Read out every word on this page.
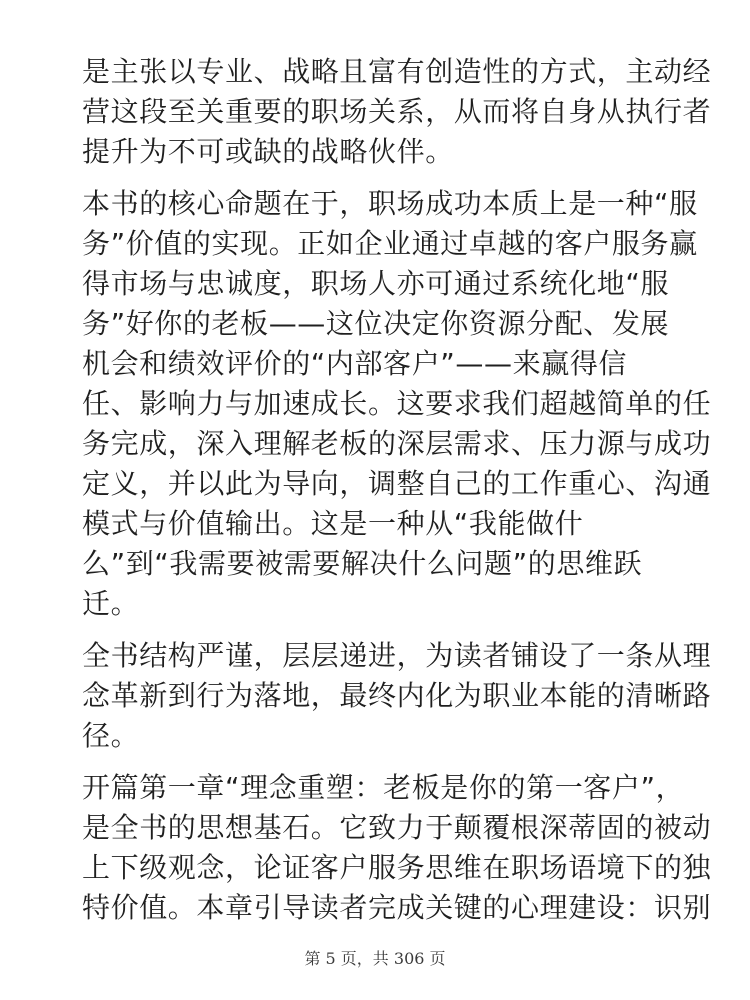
是主张以专业、战略且富有创造性的方式，主动经
营这段至关重要的职场关系，从而将自身从执行者
提升为不可或缺的战略伙伴。

本书的核心命题在于，职场成功本质上是一种“服
务”价值的实现。正如企业通过卓越的客户服务赢
得市场与忠诚度，职场人亦可通过系统化地“服
务”好你的老板——这位决定你资源分配、发展
机会和绩效评价的“内部客户”——来赢得信
任、影响力与加速成长。这要求我们超越简单的任
务完成，深入理解老板的深层需求、压力源与成功
定义，并以此为导向，调整自己的工作重心、沟通
模式与价值输出。这是一种从“我能做什
么”到“我需要被需要解决什么问题”的思维跃
迁。

全书结构严谨，层层递进，为读者铺设了一条从理
念革新到行为落地，最终内化为职业本能的清晰路
径。

开篇第一章“理念重塑：老板是你的第一客户”，
是全书的思想基石。它致力于颠覆根深蒂固的被动
上下级观念，论证客户服务思维在职场语境下的独
特价值。本章引导读者完成关键的心理建设：识别

第 5 页，共 306 页
